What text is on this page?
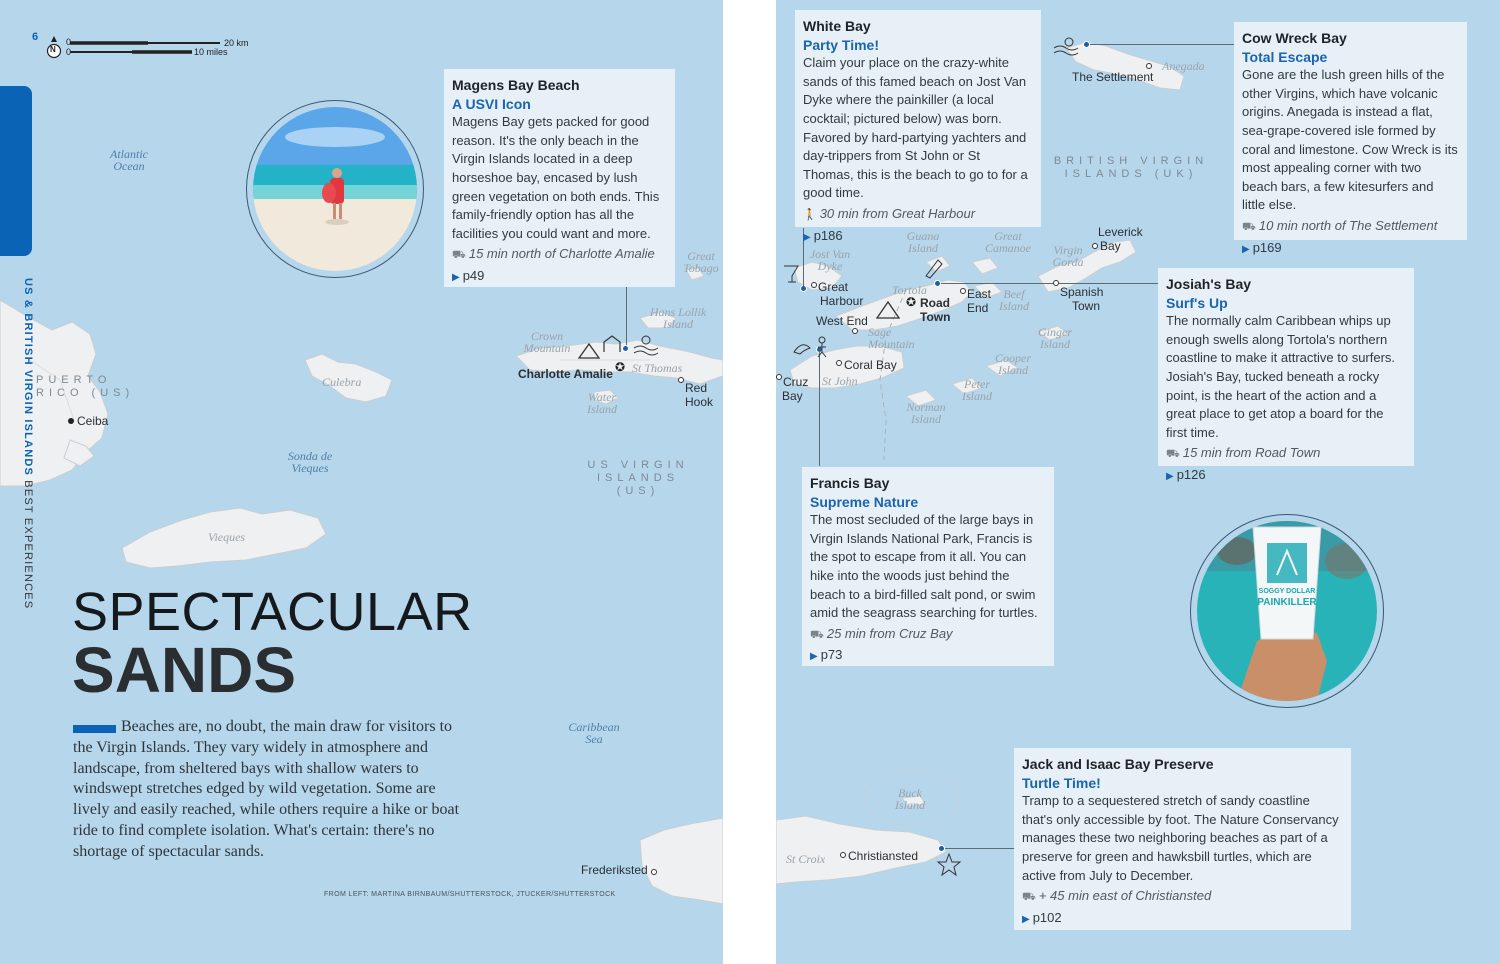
6
US & BRITISH VIRGIN ISLANDS BEST EXPERIENCES
N
0
0
20 km
10 miles
Atlantic
Ocean
Sonda de
Vieques
Caribbean
Sea
PUERTO
RICO (US)
US VIRGIN
ISLANDS
(US)
Culebra
Vieques
Ceiba
Crown
Mountain
Charlotte Amalie ✪ St Thomas
Hans Lollik
Island
Great
Tobago
Water
Island
Red
Hook
Frederiksted
Magens Bay Beach
A USVI Icon
Magens Bay gets packed for good reason. It's the only beach in the Virgin Islands located in a deep horseshoe bay, encased by lush green vegetation on both ends. This family-friendly option has all the facilities you could want and more.
⛟ 15 min north of Charlotte Amalie
▶ p49
SPECTACULAR
SANDS
Beaches are, no doubt, the main draw for visitors to the Virgin Islands. They vary widely in atmosphere and landscape, from sheltered bays with shallow waters to windswept stretches edged by wild vegetation. Some are lively and easily reached, while others require a hike or boat ride to find complete isolation. What's certain: there's no shortage of spectacular sands.
FROM LEFT: MARTINA BIRNBAUM/SHUTTERSTOCK, JTUCKER/SHUTTERSTOCK
BRITISH VIRGIN
ISLANDS (UK)
The Settlement
Anegada
Jost Van
Dyke
Great
Harbour
Guana
Island
Great
Camanoe	Virgin
Gorda
Leverick
Bay
Tortola
✪ Road
Town
East
End
Beef
Island
Spanish
Town
West End
Sage
Mountain
Ginger
Island
Coral Bay
Cruz
Bay
St John
Cooper
Island
Peter
Island
Norman
Island
Buck
Island
St Croix Christiansted
White Bay
Party Time!
Claim your place on the crazy-white sands of this famed beach on Jost Van Dyke where the painkiller (a local cocktail; pictured below) was born. Favored by hard-partying yachters and day-trippers from St John or St Thomas, this is the beach to go to for a good time.
🚶 30 min from Great Harbour
▶ p186
Cow Wreck Bay
Total Escape
Gone are the lush green hills of the other Virgins, which have volcanic origins. Anegada is instead a flat, sea-grape-covered isle formed by coral and limestone. Cow Wreck is its most appealing corner with two beach bars, a few kitesurfers and little else.
⛟ 10 min north of The Settlement
▶ p169
Josiah's Bay
Surf's Up
The normally calm Caribbean whips up enough swells along Tortola's northern coastline to make it attractive to surfers. Josiah's Bay, tucked beneath a rocky point, is the heart of the action and a great place to get atop a board for the first time.
⛟ 15 min from Road Town
▶ p126
Francis Bay
Supreme Nature
The most secluded of the large bays in Virgin Islands National Park, Francis is the spot to escape from it all. You can hike into the woods just behind the beach to a bird-filled salt pond, or swim amid the seagrass searching for turtles.
⛟ 25 min from Cruz Bay
▶ p73
Jack and Isaac Bay Preserve
Turtle Time!
Tramp to a sequestered stretch of sandy coastline that's only accessible by foot. The Nature Conservancy manages these two neighboring beaches as part of a preserve for green and hawksbill turtles, which are active from July to December.
⛟ + 45 min east of Christiansted
▶ p102
SOGGY DOLLAR
PAINKILLER
